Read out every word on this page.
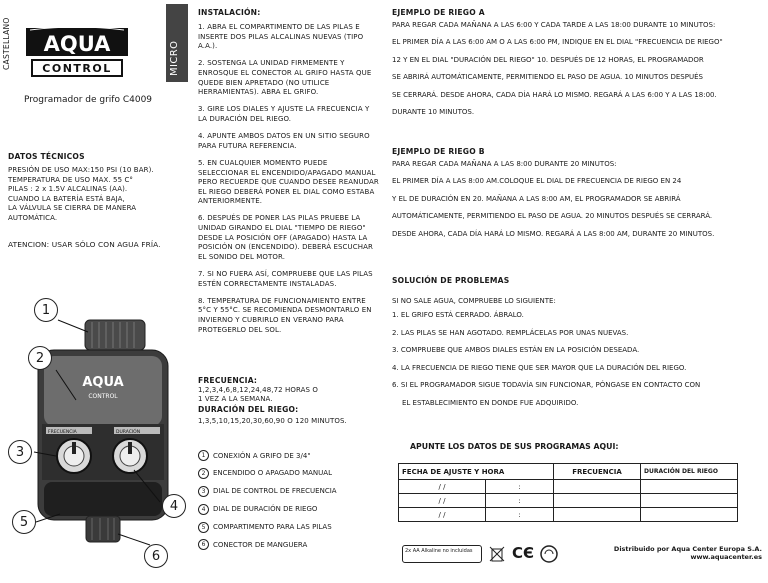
CASTELLANO AQUA
CONTROL
Programador de grifo C4009
DATOS TÉCNICOS

PRESIÓN DE USO MAX:150 PSI (10 BAR).

TEMPERATURA DE USO MAX. 55 C°

PILAS : 2 x 1.5V ALCALINAS (AA).

CUANDO LA BATERÍA ESTÁ BAJA,

LA VÁLVULA SE CIERRA DE MANERA

AUTOMÁTICA.

ATENCION: USAR SÓLO CON AGUA FRÍA.

AQUA
CONTROL
FRECUENCIA	DURACIÓN
1
2
3
4
5
6
MICRO
INSTALACIÓN:
1. ABRA EL COMPARTIMENTO DE LAS PILAS E INSERTE DOS PILAS ALCALINAS NUEVAS (TIPO A.A.).
2. SOSTENGA LA UNIDAD FIRMEMENTE Y ENROSQUE EL CONECTOR AL GRIFO HASTA QUE QUEDE BIEN APRETADO (NO UTILICE HERRAMIENTAS). ABRA EL GRIFO.
3. GIRE LOS DIALES Y AJUSTE LA FRECUENCIA Y LA DURACIÓN DEL RIEGO.
4. APUNTE AMBOS DATOS EN UN SITIO SEGURO PARA FUTURA REFERENCIA.
5. EN CUALQUIER MOMENTO PUEDE SELECCIONAR EL ENCENDIDO/APAGADO MANUAL PERO RECUERDE QUE CUANDO DESEE REANUDAR EL RIEGO DEBERÁ PONER EL DIAL COMO ESTABA ANTERIORMENTE.
6. DESPUÉS DE PONER LAS PILAS PRUEBE LA UNIDAD GIRANDO EL DIAL "TIEMPO DE RIEGO" DESDE LA POSICIÓN OFF (APAGADO) HASTA LA POSICIÓN ON (ENCENDIDO). DEBERÁ ESCUCHAR EL SONIDO DEL MOTOR.
7. SI NO FUERA ASÍ, COMPRUEBE QUE LAS PILAS ESTÉN CORRECTAMENTE INSTALADAS.
8. TEMPERATURA DE FUNCIONAMIENTO ENTRE 5°C Y 55°C. SE RECOMIENDA DESMONTARLO EN INVIERNO Y CUBRIRLO EN VERANO PARA PROTEGERLO DEL SOL.
FRECUENCIA:
1,2,3,4,6,8,12,24,48,72 HORAS O
1 VEZ A LA SEMANA.
DURACIÓN DEL RIEGO:
1,3,5,10,15,20,30,60,90 O 120 MINUTOS.
1	CONEXIÓN A GRIFO DE 3/4"
2	ENCENDIDO O APAGADO MANUAL
3	DIAL DE CONTROL DE FRECUENCIA
4	DIAL DE DURACIÓN DE RIEGO
5	COMPARTIMENTO PARA LAS PILAS
6	CONECTOR DE MANGUERA
EJEMPLO DE RIEGO A

PARA REGAR CADA MAÑANA A LAS 6:00 Y CADA TARDE A LAS 18:00 DURANTE 10 MINUTOS:

EL PRIMER DÍA A LAS 6:00 AM O A LAS 6:00 PM, INDIQUE EN EL DIAL "FRECUENCIA DE RIEGO"

12 Y EN EL DIAL "DURACIÓN DEL RIEGO" 10. DESPUÉS DE 12 HORAS, EL PROGRAMADOR

SE ABRIRÁ AUTOMÁTICAMENTE, PERMITIENDO EL PASO DE AGUA. 10 MINUTOS DESPUÉS

SE CERRARÁ. DESDE AHORA, CADA DÍA HARÁ LO MISMO. REGARÁ A LAS 6:00 Y A LAS 18:00.

DURANTE 10 MINUTOS.

EJEMPLO DE RIEGO B

PARA REGAR CADA MAÑANA A LAS 8:00 DURANTE 20 MINUTOS:

EL PRIMER DÍA A LAS 8:00 AM.COLOQUE EL DIAL DE FRECUENCIA DE RIEGO EN 24

Y EL DE DURACIÓN EN 20. MAÑANA A LAS 8:00 AM, EL PROGRAMADOR SE ABRIRÁ

AUTOMÁTICAMENTE, PERMITIENDO EL PASO DE AGUA. 20 MINUTOS DESPUÉS SE CERRARÁ.

DESDE AHORA, CADA DÍA HARÁ LO MISMO. REGARÁ A LAS 8:00 AM, DURANTE 20 MINUTOS.

SOLUCIÓN DE PROBLEMAS
SI NO SALE AGUA, COMPRUEBE LO SIGUIENTE:
1. EL GRIFO ESTÁ CERRADO. ÁBRALO.
2. LAS PILAS SE HAN AGOTADO. REMPLÁCELAS POR UNAS NUEVAS.
3. COMPRUEBE QUE AMBOS DIALES ESTÁN EN LA POSICIÓN DESEADA.
4. LA FRECUENCIA DE RIEGO TIENE QUE SER MAYOR QUE LA DURACIÓN DEL RIEGO.
6. SI EL PROGRAMADOR SIGUE TODAVÍA SIN FUNCIONAR, PÓNGASE EN CONTACTO CON
EL ESTABLECIMIENTO EN DONDE FUE ADQUIRIDO.
APUNTE LOS DATOS DE SUS PROGRAMAS AQUI:
FECHA DE AJUSTE Y HORA		FRECUENCIA	DURACIÓN DEL RIEGO
/ /	:		
/ /	:		
/ /	:		
2x AA Alkaline no incluidas	CЄ	Distribuido por Aqua Center Europa S.A.
www.aquacenter.es
